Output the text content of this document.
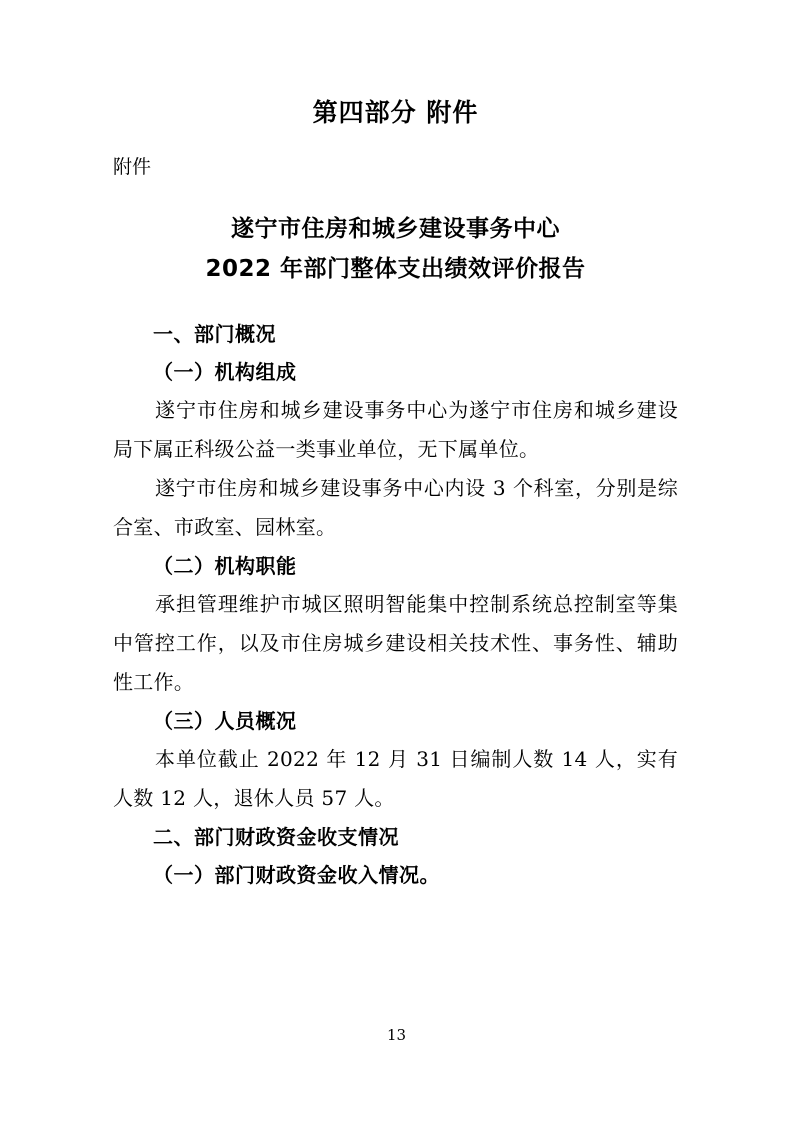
第四部分 附件
附件
遂宁市住房和城乡建设事务中心
2022 年部门整体支出绩效评价报告
一、部门概况
（一）机构组成
遂宁市住房和城乡建设事务中心为遂宁市住房和城乡建设局下属正科级公益一类事业单位，无下属单位。
遂宁市住房和城乡建设事务中心内设 3 个科室，分别是综合室、市政室、园林室。
（二）机构职能
承担管理维护市城区照明智能集中控制系统总控制室等集中管控工作，以及市住房城乡建设相关技术性、事务性、辅助性工作。
（三）人员概况
本单位截止 2022 年 12 月 31 日编制人数 14 人，实有人数 12 人，退休人员 57 人。
二、部门财政资金收支情况
（一）部门财政资金收入情况。
13
